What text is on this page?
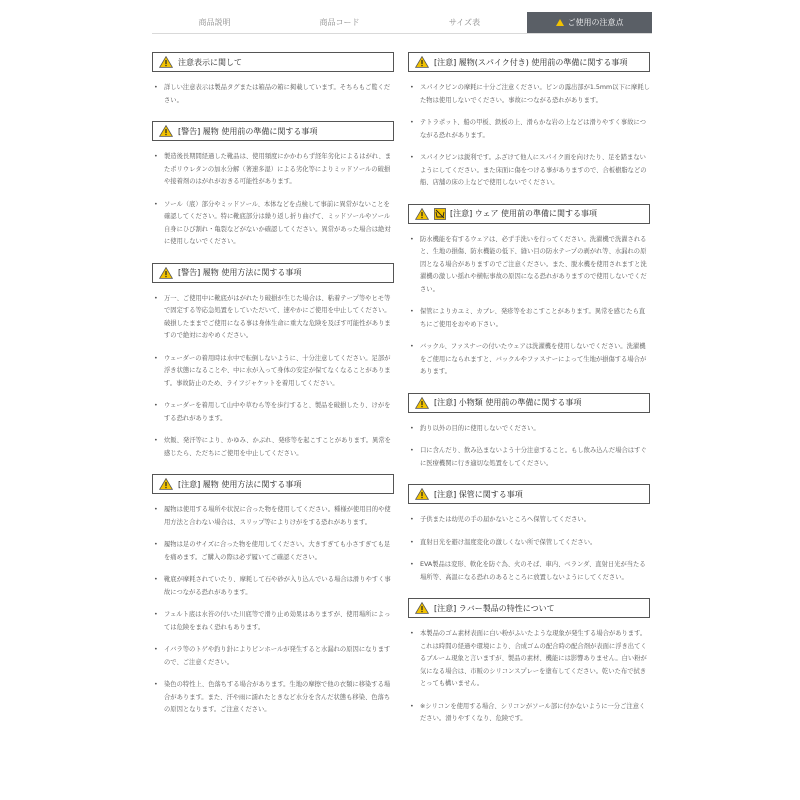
商品説明	商品コード	サイズ表	ご使用の注意点
注意表示に関して
• 詳しい注意表示は製品タグまたは箱品の箱に掲載しています。そちらもご覧ください。
[警告] 履物 使用前の準備に関する事項
• 製造後長期間経過した靴品は、使用頻度にかかわらず経年劣化によるはがれ、またポリウレタンの加水分解（著速多湿）による劣化等によりミッドソールの破損や接着剤のはがれがおきる可能性があります。
• ソール（底）部分やミッドソール、本体などを点検して事前に異常がないことを確認してください。特に靴底部分は繰り返し折り曲げて、ミッドソールやソール自身にひび割れ・亀裂などがないか確認してください。異常があった場合は絶対に使用しないでください。
[警告] 履物 使用方法に関する事項
• 万一、ご使用中に靴底がはがれたり破損が生じた場合は、粘着テープ等やヒモ等で固定する等応急処置をしていただいて、速やかにご使用を中止してください。破損したままでご使用になる事は身体生命に重大な危険を及ぼす可能性がありますので絶対におやめください。
• ウェーダーの着用時は水中で転倒しないように、十分注意してください。足部が浮き状態になることや、中に水が入って身体の安定が保てなくなることがあります。事故防止のため、ライフジャケットを着用してください。
• ウェーダーを着用して山中や草むら等を歩行すると、製品を破損したり、けがをする恐れがあります。
• 炊飯、発汗等により、かゆみ、かぶれ、発疹等を起こすことがあります。異常を感じたら、ただちにご使用を中止してください。
[注意] 履物 使用方法に関する事項
• 履物は使用する場所や状況に合った物を使用してください。種様が使用目的や使用方法と合わない場合は、スリップ等によりけがをする恐れがあります。
• 履物は足のサイズに合った物を使用してください。大きすぎても小さすぎても足を痛めます。ご購入の際は必ず履いてご確認ください。
• 靴底が摩耗されていたり、摩耗して石や砂が入り込んでいる場合は滑りやすく事故につながる恐れがあります。
• フェルト底は水苔の付いた川底等で滑り止め効果はありますが、使用場所によっては危険をまねく恐れもあります。
• イバラ等のトゲや釣り針によりピンホールが発生すると水漏れの原因になりますので、ご注意ください。
• 染色の特性上、色落ちする場合があります。生地の摩擦で他の衣類に移染する場合があります。また、汗や雨に濡れたときなど水分を含んだ状態も移染、色落ちの原因となります。ご注意ください。
[注意] 履物(スパイク付き) 使用前の準備に関する事項
• スパイクピンの摩耗に十分ご注意ください。ピンの露出部が1.5mm以下に摩耗した物は使用しないでください。事故につながる恐れがあります。
• テトラポット、船の甲板、鉄板の上、滑らかな岩の上などは滑りやすく事故につながる恐れがあります。
• スパイクピンは鋭利です。ふざけて他人にスパイク面を向けたり、足を踏まないようにしてください。また床面に傷をつける事がありますので、合板樹脂などの船、店舗の床の上などで使用しないでください。
[注意] ウェア 使用前の準備に関する事項
• 防水機能を有するウェアは、必ず手洗いを行ってください。洗濯機で洗濯されると、生地の損傷、防水機能の低下、縫い目の防水テープの剥がれ等、水漏れの原因となる場合がありますのでご注意ください。また、脱水機を使用されますと洗濯機の激しい揺れや横転事故の原因になる恐れがありますので使用しないでください。
• 保管によりカユミ、カブレ、発疹等をおこすことがあります。異常を感じたら直ちにご使用をおやめ下さい。
• バックル、ファスナーの付いたウェアは洗濯機を使用しないでください。洗濯機をご使用になられますと、バックルやファスナーによって生地が損傷する場合があります。
[注意] 小物類 使用前の準備に関する事項
• 釣り以外の目的に使用しないでください。
• 口に含んだり、飲み込まないよう十分注意すること。もし飲み込んだ場合はすぐに医療機関に行き適切な処置をしてください。
[注意] 保管に関する事項
• 子供または幼児の手の届かないところへ保管してください。
• 直射日光を避け温度変化の激しくない所で保管してください。
• EVA製品は変形、軟化を防ぐ為、火のそば、車内、ベランダ、直射日光が当たる場所等、高温になる恐れのあるところに放置しないようにしてください。
[注意] ラバー製品の特性について
• 本製品のゴム素材表面に白い粉がふいたような現象が発生する場合があります。これは時間の経過や環境により、合成ゴムの配合時の配合剤が表面に浮き出てくるブルーム現象と言いますが、製品の素材、機能には影響ありません。白い粉が気になる場合は、市販のシリコンスプレーを塗布してください。乾いた布で拭きとっても構いません。
• ※シリコンを使用する場合、シリコンがソール部に付かないように一分ご注意ください。滑りやすくなり、危険です。
